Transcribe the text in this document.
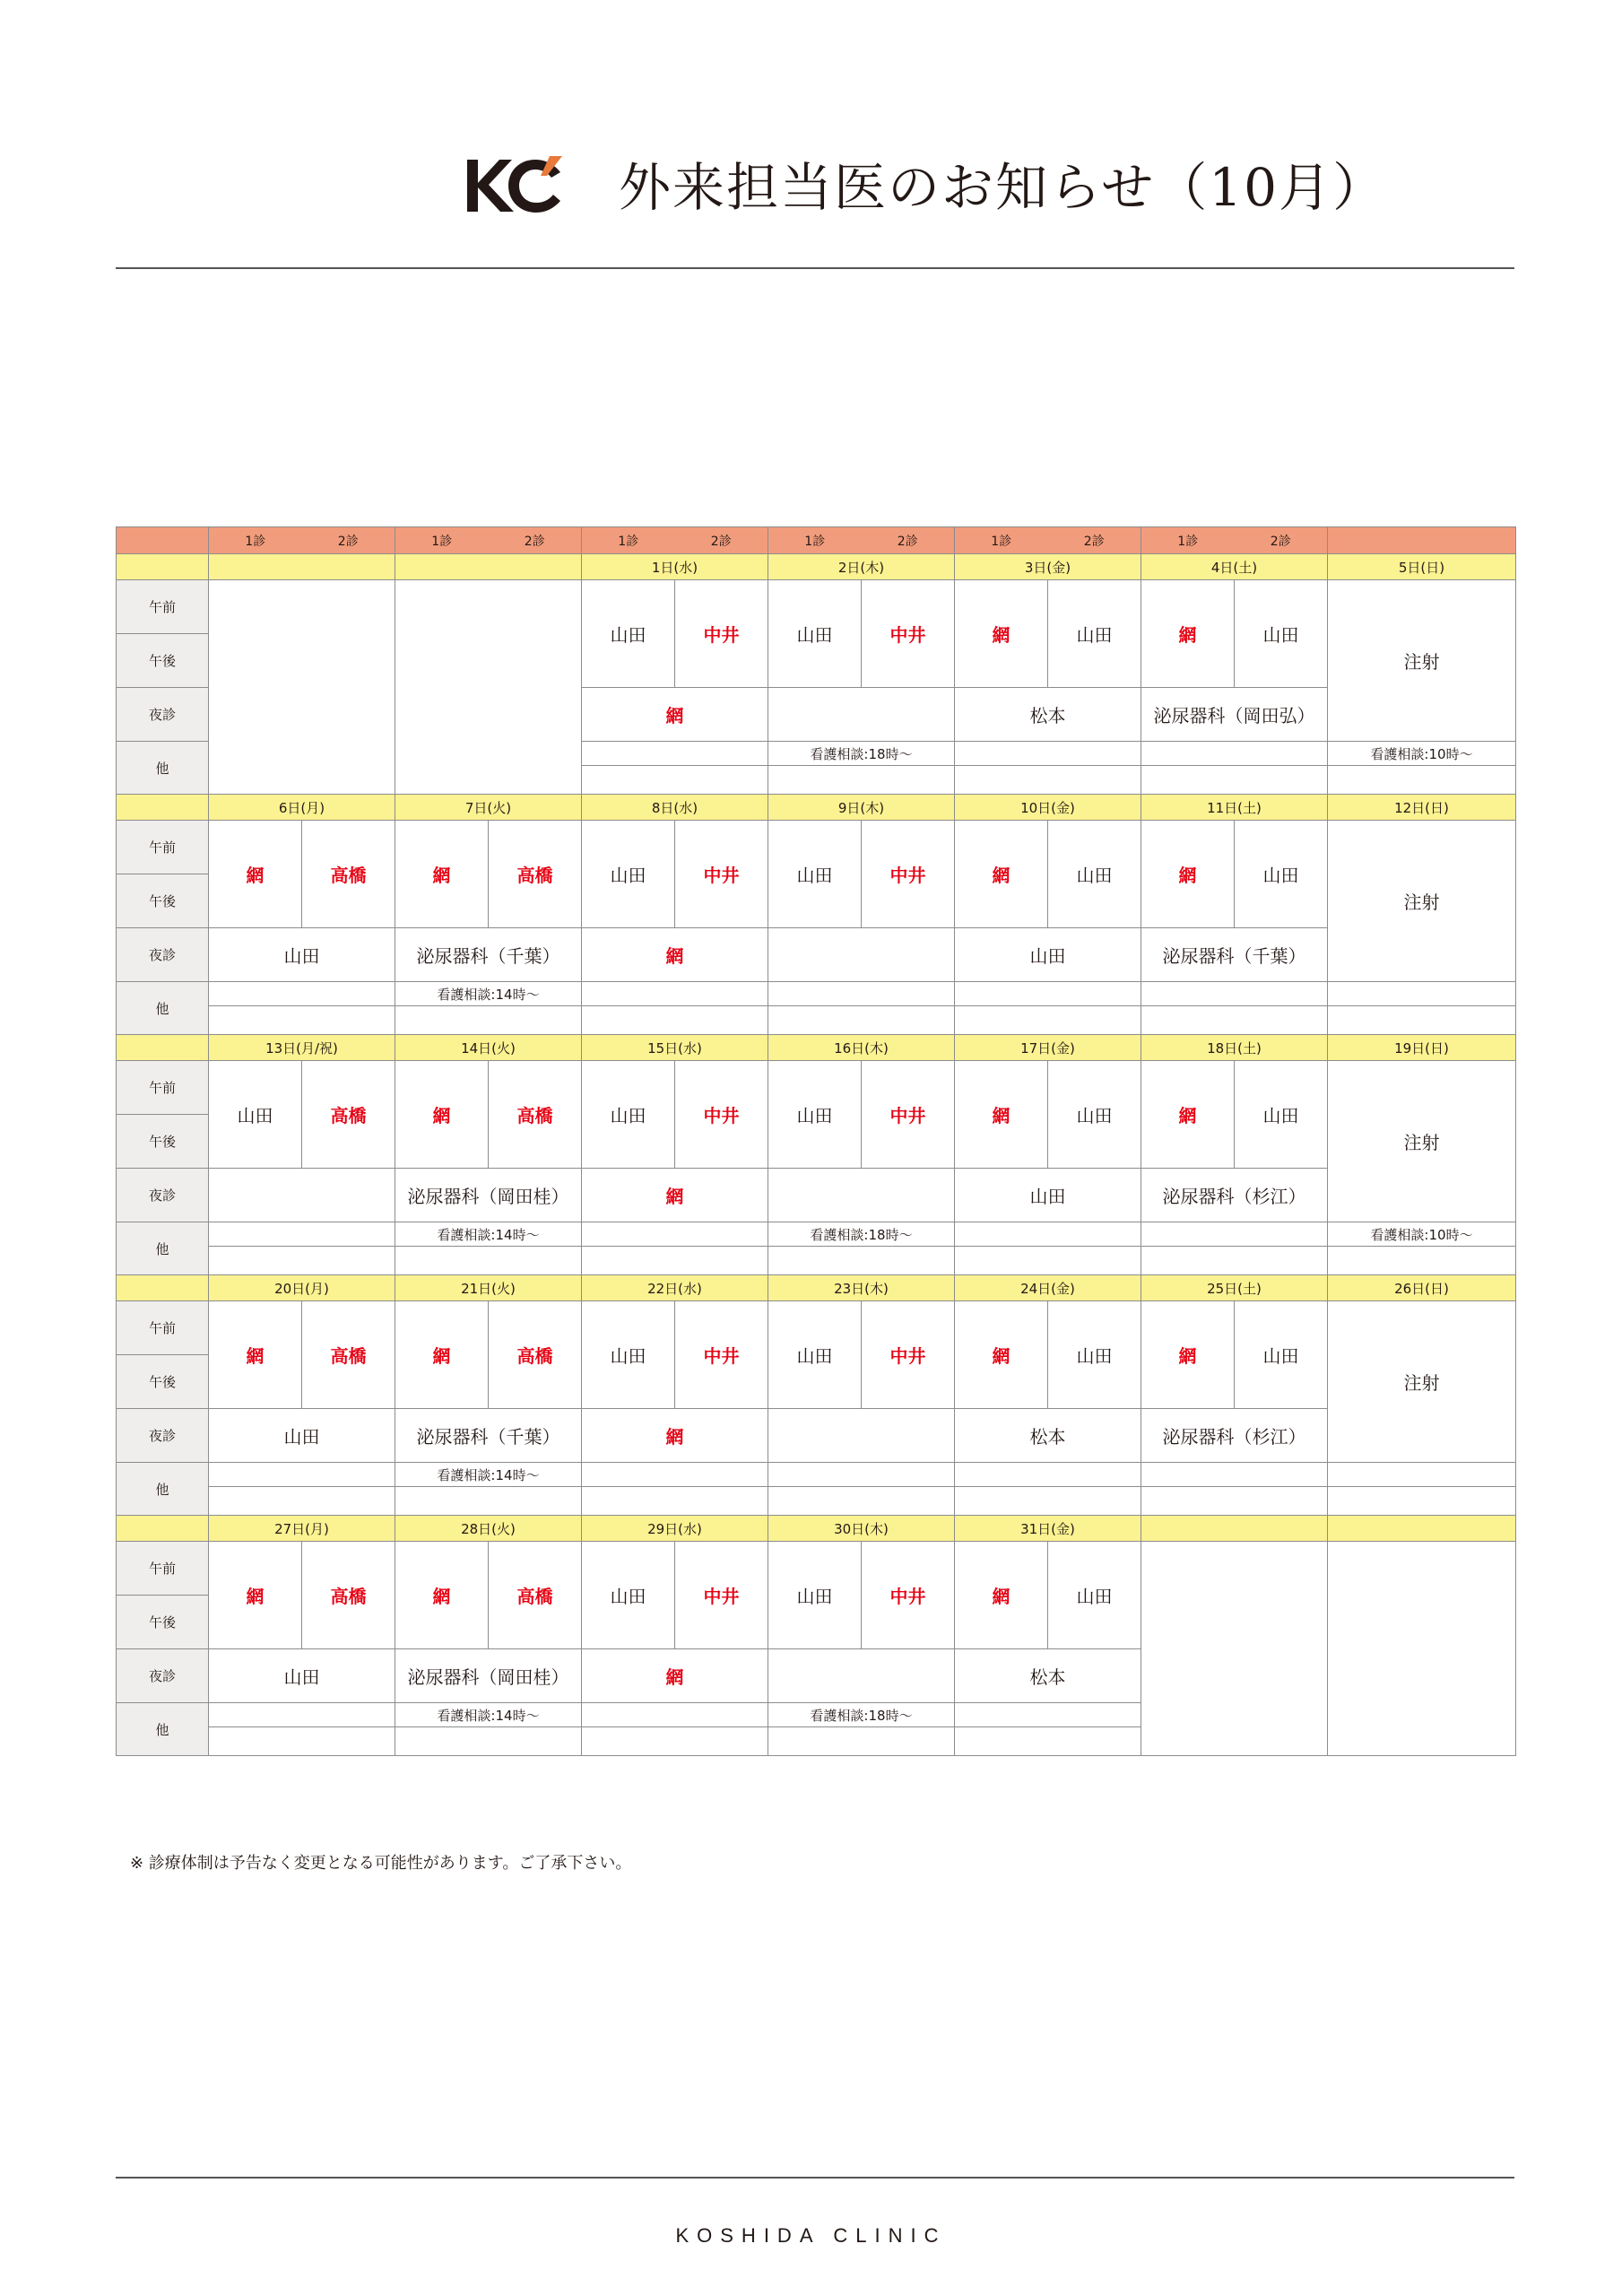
外来担当医のお知らせ（10月）

	1診 2診		1診 2診		1診 2診		1診 2診		1診 2診		1診 2診		

					1日(水)		2日(木)		3日(金)		4日(土)		5日(日)
午前					山田	中井	山田	中井	網	山田	網	山田	注射
午後													
夜診					網				松本		泌尿器科（岡田弘）		
他							看護相談:18時～						看護相談:10時～

	6日(月)		7日(火)		8日(水)		9日(木)		10日(金)		11日(土)		12日(日)
午前	網	高橋	網	高橋	山田	中井	山田	中井	網	山田	網	山田	注射
午後													
夜診	山田		泌尿器科（千葉）		網				山田		泌尿器科（千葉）		
他			看護相談:14時～										

	13日(月/祝)		14日(火)		15日(水)		16日(木)		17日(金)		18日(土)		19日(日)
午前	山田	高橋	網	高橋	山田	中井	山田	中井	網	山田	網	山田	注射
午後													
夜診			泌尿器科（岡田桂）		網				山田		泌尿器科（杉江）		
他			看護相談:14時～				看護相談:18時～						看護相談:10時～

	20日(月)		21日(火)		22日(水)		23日(木)		24日(金)		25日(土)		26日(日)
午前	網	高橋	網	高橋	山田	中井	山田	中井	網	山田	網	山田	注射
午後													
夜診	山田		泌尿器科（千葉）		網				松本		泌尿器科（杉江）		
他			看護相談:14時～										

	27日(月)		28日(火)		29日(水)		30日(木)		31日(金)				
午前	網	高橋	網	高橋	山田	中井	山田	中井	網	山田			
午後													
夜診	山田		泌尿器科（岡田桂）		網				松本				
他			看護相談:14時～				看護相談:18時～						

※ 診療体制は予告なく変更となる可能性があります。ご了承下さい。
KOSHIDA CLINIC
